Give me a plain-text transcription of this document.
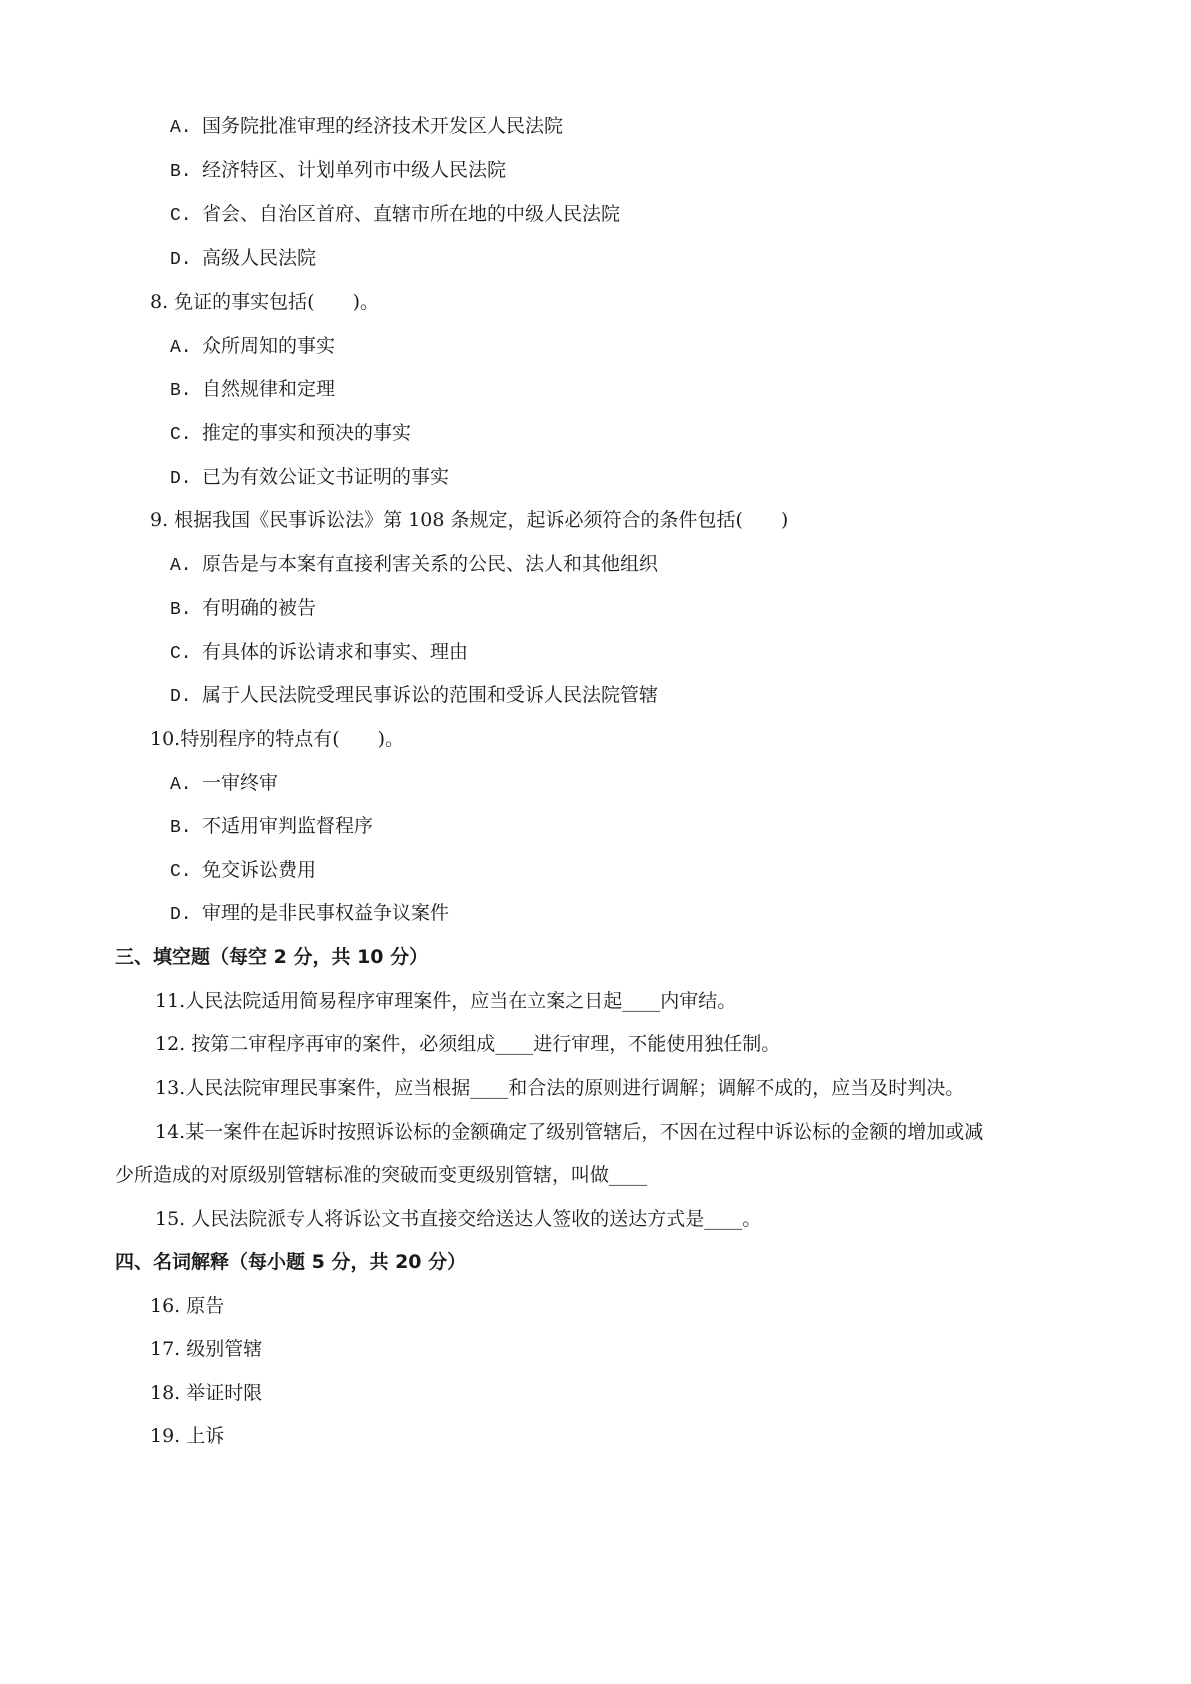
A. 国务院批准审理的经济技术开发区人民法院

B. 经济特区、计划单列市中级人民法院

C. 省会、自治区首府、直辖市所在地的中级人民法院

D. 高级人民法院

8. 免证的事实包括(　　)。

A. 众所周知的事实

B. 自然规律和定理

C. 推定的事实和预决的事实

D. 已为有效公证文书证明的事实

9. 根据我国《民事诉讼法》第 108 条规定，起诉必须符合的条件包括(　　)

A. 原告是与本案有直接利害关系的公民、法人和其他组织

B. 有明确的被告

C. 有具体的诉讼请求和事实、理由

D. 属于人民法院受理民事诉讼的范围和受诉人民法院管辖

10.特别程序的特点有(　　)。

A. 一审终审

B. 不适用审判监督程序

C. 免交诉讼费用

D. 审理的是非民事权益争议案件

三、填空题（每空 2 分，共 10 分）

11.人民法院适用简易程序审理案件，应当在立案之日起____内审结。

12. 按第二审程序再审的案件，必须组成____进行审理，不能使用独任制。

13.人民法院审理民事案件，应当根据____和合法的原则进行调解；调解不成的，应当及时判决。

14.某一案件在起诉时按照诉讼标的金额确定了级别管辖后，不因在过程中诉讼标的金额的增加或减

少所造成的对原级别管辖标准的突破而变更级别管辖，叫做____

15. 人民法院派专人将诉讼文书直接交给送达人签收的送达方式是____。

四、名词解释（每小题 5 分，共 20 分）

16. 原告

17. 级别管辖

18. 举证时限

19. 上诉
